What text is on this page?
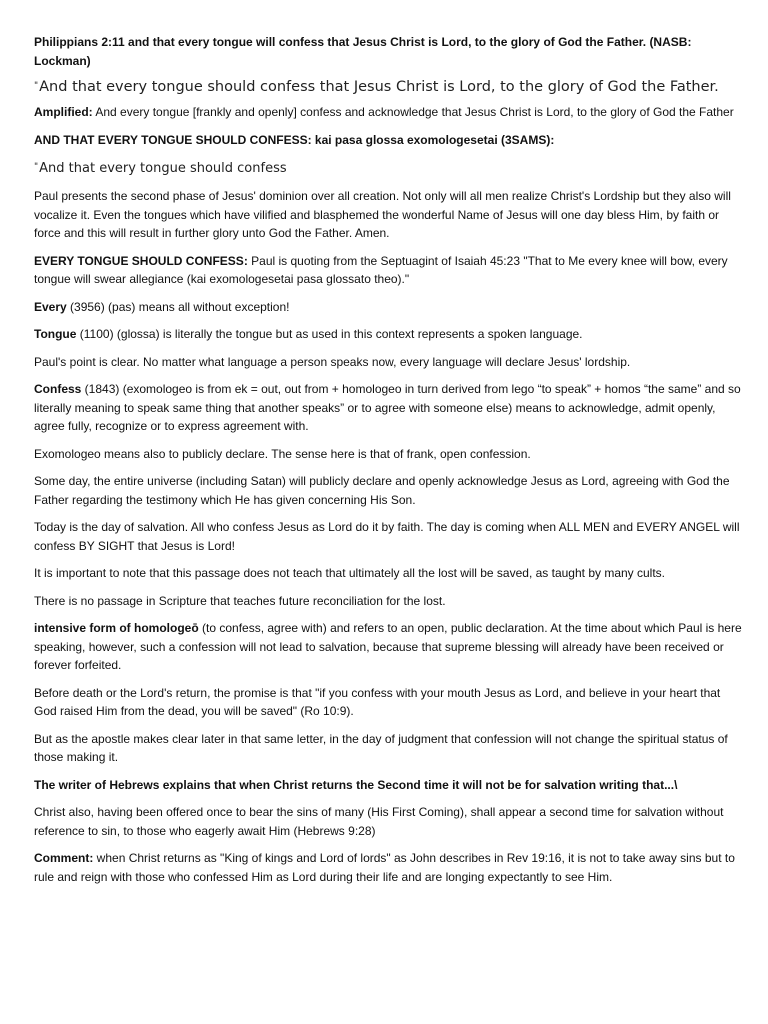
Philippians 2:11 and that every tongue will confess that Jesus Christ is Lord, to the glory of God the Father. (NASB: Lockman)

" And that every tongue should confess that Jesus Christ is Lord, to the glory of God the Father.

Amplified: And every tongue [frankly and openly] confess and acknowledge that Jesus Christ is Lord, to the glory of God the Father

AND THAT EVERY TONGUE SHOULD CONFESS: kai pasa glossa exomologesetai (3SAMS):

" And that every tongue should confess

Paul presents the second phase of Jesus' dominion over all creation. Not only will all men realize Christ's Lordship but they also will vocalize it. Even the tongues which have vilified and blasphemed the wonderful Name of Jesus will one day bless Him, by faith or force and this will result in further glory unto God the Father. Amen.

EVERY TONGUE SHOULD CONFESS: Paul is quoting from the Septuagint of Isaiah 45:23 "That to Me every knee will bow, every tongue will swear allegiance (kai exomologesetai pasa glossato theo)."

Every (3956) (pas) means all without exception!

Tongue (1100) (glossa) is literally the tongue but as used in this context represents a spoken language.

Paul's point is clear. No matter what language a person speaks now, every language will declare Jesus' lordship.

Confess (1843) (exomologeo is from ek = out, out from + homologeo in turn derived from lego “to speak” + homos “the same” and so literally meaning to speak same thing that another speaks” or to agree with someone else) means to acknowledge, admit openly, agree fully, recognize or to express agreement with.

Exomologeo means also to publicly declare. The sense here is that of frank, open confession.

Some day, the entire universe (including Satan) will publicly declare and openly acknowledge Jesus as Lord, agreeing with God the Father regarding the testimony which He has given concerning His Son.

Today is the day of salvation. All who confess Jesus as Lord do it by faith. The day is coming when ALL MEN and EVERY ANGEL will confess BY SIGHT that Jesus is Lord!

It is important to note that this passage does not teach that ultimately all the lost will be saved, as taught by many cults.

There is no passage in Scripture that teaches future reconciliation for the lost.

intensive form of homologeō (to confess, agree with) and refers to an open, public declaration. At the time about which Paul is here speaking, however, such a confession will not lead to salvation, because that supreme blessing will already have been received or forever forfeited.

Before death or the Lord's return, the promise is that "if you confess with your mouth Jesus as Lord, and believe in your heart that God raised Him from the dead, you will be saved" (Ro 10:9).

But as the apostle makes clear later in that same letter, in the day of judgment that confession will not change the spiritual status of those making it.

The writer of Hebrews explains that when Christ returns the Second time it will not be for salvation writing that...\

Christ also, having been offered once to bear the sins of many (His First Coming), shall appear a second time for salvation without reference to sin, to those who eagerly await Him (Hebrews 9:28)

Comment: when Christ returns as "King of kings and Lord of lords" as John describes in Rev 19:16, it is not to take away sins but to rule and reign with those who confessed Him as Lord during their life and are longing expectantly to see Him.
